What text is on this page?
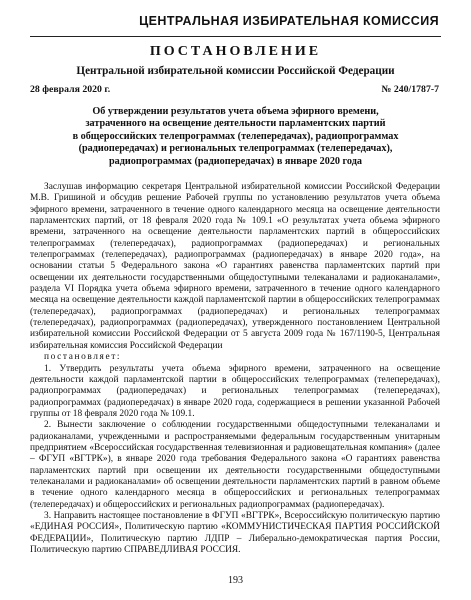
ЦЕНТРАЛЬНАЯ ИЗБИРАТЕЛЬНАЯ КОМИССИЯ
ПОСТАНОВЛЕНИЕ
Центральной избирательной комиссии Российской Федерации
28 февраля 2020 г.	№ 240/1787-7
Об утверждении результатов учета объема эфирного времени,
затраченного на освещение деятельности парламентских партий
в общероссийских телепрограммах (телепередачах), радиопрограммах
(радиопередачах) и региональных телепрограммах (телепередачах),
радиопрограммах (радиопередачах) в январе 2020 года

Заслушав информацию секретаря Центральной избирательной комиссии Российской Федерации М.В. Гришиной и обсудив решение Рабочей группы по установлению результатов учета объема эфирного времени, затраченного в течение одного календарного месяца на освещение деятельности парламентских партий, от 18 февраля 2020 года № 109.1 «О результатах учета объема эфирного времени, затраченного на освещение деятельности парламентских партий в общероссийских телепрограммах (телепередачах), радиопрограммах (радиопередачах) и региональных телепрограммах (телепередачах), радиопрограммах (радиопередачах) в январе 2020 года», на основании статьи 5 Федерального закона «О гарантиях равенства парламентских партий при освещении их деятельности государственными общедоступными телеканалами и радиоканалами», раздела VI Порядка учета объема эфирного времени, затраченного в течение одного календарного месяца на освещение деятельности каждой парламентской партии в общероссийских телепрограммах (телепередачах), радиопрограммах (радиопередачах) и региональных телепрограммах (телепередачах), радиопрограммах (радиопередачах), утвержденного постановлением Центральной избирательной комиссии Российской Федерации от 5 августа 2009 года № 167/1190-5, Центральная избирательная комиссия Российской Федерации

постановляет:

1. Утвердить результаты учета объема эфирного времени, затраченного на освещение деятельности каждой парламентской партии в общероссийских телепрограммах (телепередачах), радиопрограммах (радиопередачах) и региональных телепрограммах (телепередачах), радиопрограммах (радиопередачах) в январе 2020 года, содержащиеся в решении указанной Рабочей группы от 18 февраля 2020 года № 109.1.

2. Вынести заключение о соблюдении государственными общедоступными телеканалами и радиоканалами, учрежденными и распространяемыми федеральным государственным унитарным предприятием «Всероссийская государственная телевизионная и радиовещательная компания» (далее – ФГУП «ВГТРК»), в январе 2020 года требования Федерального закона «О гарантиях равенства парламентских партий при освещении их деятельности государственными общедоступными телеканалами и радиоканалами» об освещении деятельности парламентских партий в равном объеме в течение одного календарного месяца в общероссийских и региональных телепрограммах (телепередачах) и общероссийских и региональных радиопрограммах (радиопередачах).

3. Направить настоящее постановление в ФГУП «ВГТРК», Всероссийскую политическую партию «ЕДИНАЯ РОССИЯ», Политическую партию «КОММУНИСТИЧЕСКАЯ ПАРТИЯ РОССИЙСКОЙ ФЕДЕРАЦИИ», Политическую партию ЛДПР – Либерально-демократическая партия России, Политическую партию СПРАВЕДЛИВАЯ РОССИЯ.

193
